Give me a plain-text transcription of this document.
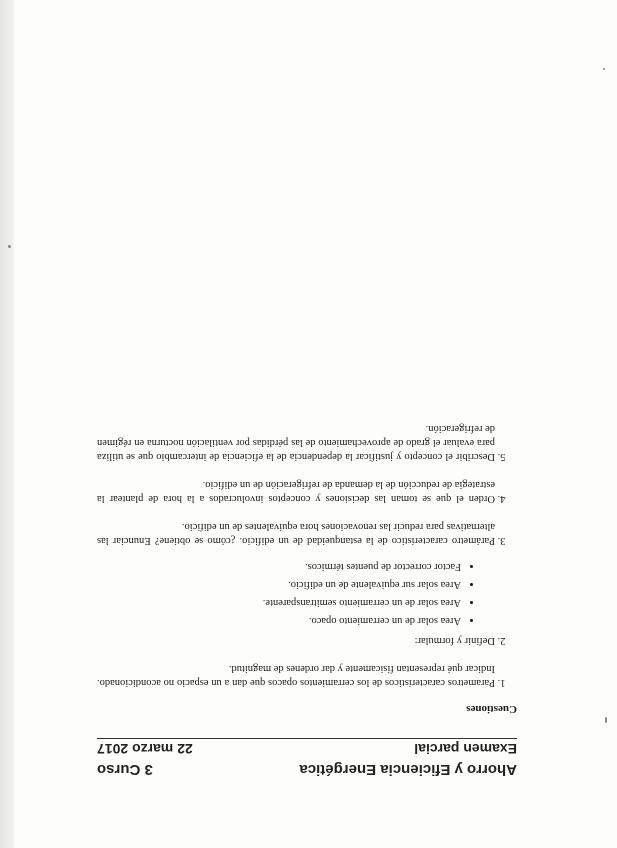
Ahorro y Eficiencia Energética
3 Curso
Examen parcial
22 marzo 2017
Cuestiones
1. Parametros característicos de los cerramientos opacos que dan a un espacio no acondicionado. Indicar qué representan físicamente y dar ordenes de magnitud.
2. Definir y formular:
• Area solar de un cerramiento opaco.
• Area solar de un cerramiento semitransparente.
• Area solar sur equivalente de un edificio.
• Factor corrector de puentes térmicos.
3. Parámetro característico de la estanqueidad de un edificio. ¿cómo se obtiene? Enunciar las alternativas para reducir las renovaciones hora equivalentes de un edificio.
4. Orden el que se toman las decisiones y conceptos involucrados a la hora de plantear la estrategia de reducción de la demanda de refrigeración de un edificio.
5. Describir el concepto y justificar la dependencia de la eficiencia de intercambio que se utiliza para evaluar el grado de aprovechamiento de las pérdidas por ventilación nocturna en régimen de refrigeración.
